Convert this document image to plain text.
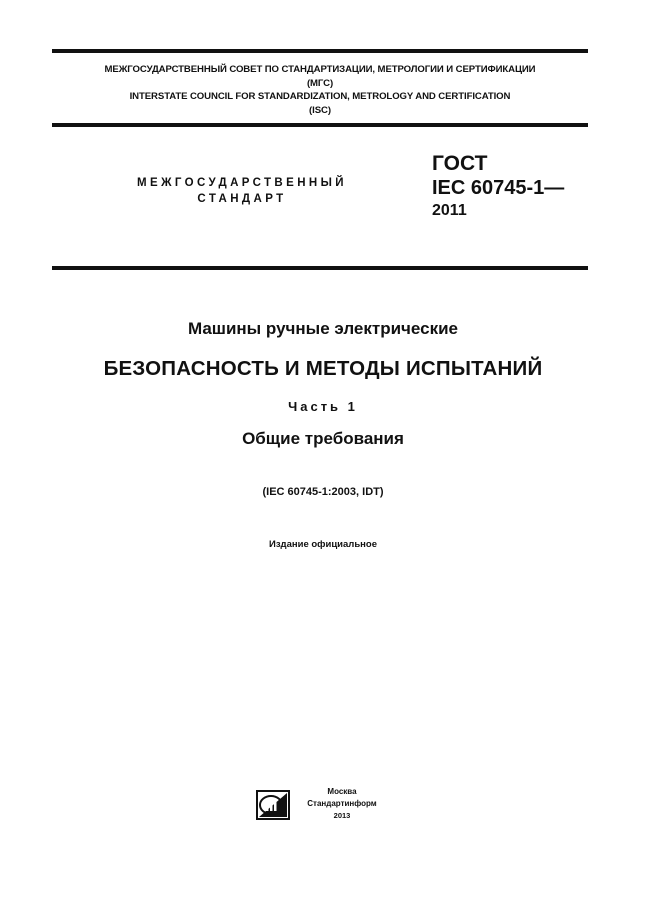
МЕЖГОСУДАРСТВЕННЫЙ СОВЕТ ПО СТАНДАРТИЗАЦИИ, МЕТРОЛОГИИ И СЕРТИФИКАЦИИ
(МГС)
INTERSTATE COUNCIL FOR STANDARDIZATION, METROLOGY AND CERTIFICATION
(ISC)
МЕЖГОСУДАРСТВЕННЫЙ
СТАНДАРТ
ГОСТ
IEC 60745-1—
2011
Машины ручные электрические
БЕЗОПАСНОСТЬ И МЕТОДЫ ИСПЫТАНИЙ
Часть 1
Общие требования
(IEC 60745-1:2003, IDT)
Издание официальное
Москва
Стандартинформ
2013
